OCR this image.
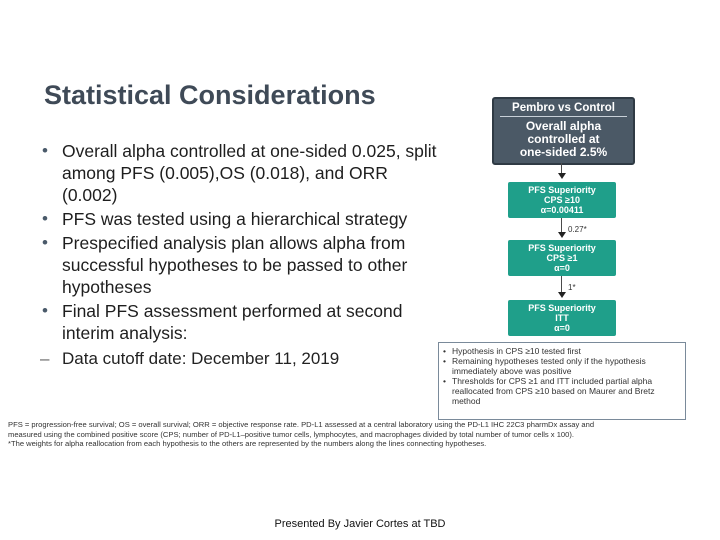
Statistical Considerations
• Overall alpha controlled at one-sided 0.025, split among PFS (0.005),OS (0.018), and ORR (0.002)
• PFS was tested using a hierarchical strategy
• Prespecified analysis plan allows alpha from successful hypotheses to be passed to other hypotheses
• Final PFS assessment performed at second interim analysis:
– Data cutoff date: December 11, 2019
Pembro vs Control
Overall alpha
controlled at
one-sided 2.5%
PFS Superiority
CPS ≥10
α=0.00411
0.27*
PFS Superiority
CPS ≥1
α=0
1*
PFS Superiority
ITT
α=0
• Hypothesis in CPS ≥10 tested first
• Remaining hypotheses tested only if the hypothesis immediately above was positive
• Thresholds for CPS ≥1 and ITT included partial alpha reallocated from CPS ≥10 based on Maurer and Bretz method
PFS = progression-free survival; OS = overall survival; ORR = objective response rate. PD-L1 assessed at a central laboratory using the PD-L1 IHC 22C3 pharmDx assay and
measured using the combined positive score (CPS; number of PD-L1–positive tumor cells, lymphocytes, and macrophages divided by total number of tumor cells x 100).
*The weights for alpha reallocation from each hypothesis to the others are represented by the numbers along the lines connecting hypotheses.
Presented By Javier Cortes at TBD
